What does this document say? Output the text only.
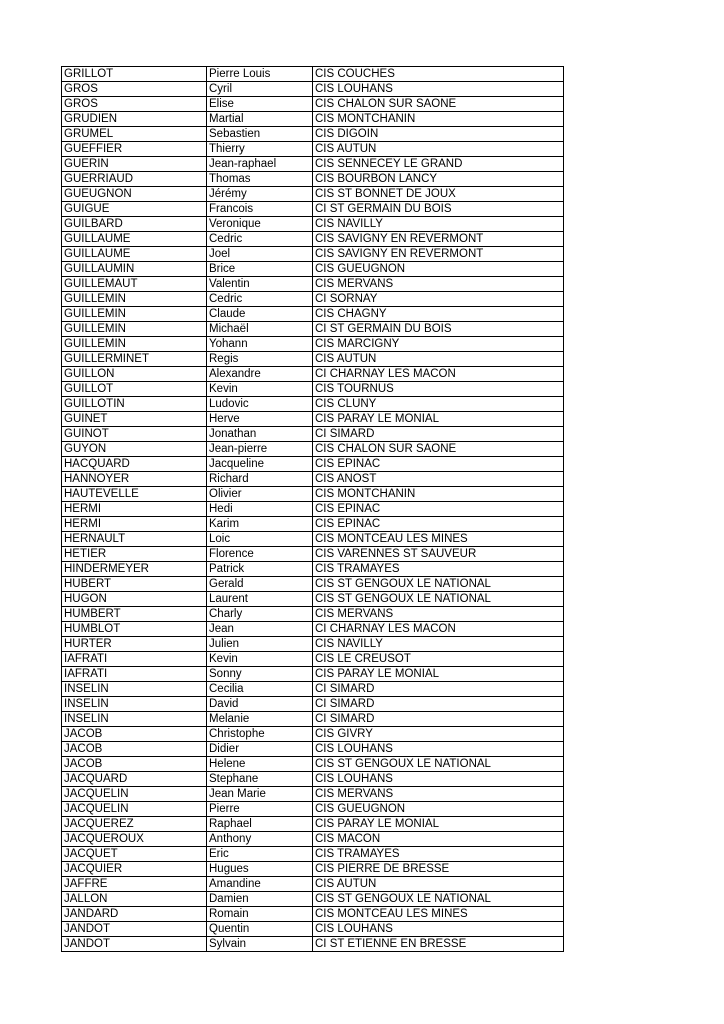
GRILLOT	Pierre Louis	CIS COUCHES
GROS	Cyril	CIS LOUHANS
GROS	Elise	CIS CHALON SUR SAONE
GRUDIEN	Martial	CIS MONTCHANIN
GRUMEL	Sebastien	CIS DIGOIN
GUEFFIER	Thierry	CIS AUTUN
GUERIN	Jean-raphael	CIS SENNECEY LE GRAND
GUERRIAUD	Thomas	CIS BOURBON LANCY
GUEUGNON	Jérémy	CIS ST BONNET DE JOUX
GUIGUE	Francois	CI ST GERMAIN DU BOIS
GUILBARD	Veronique	CIS NAVILLY
GUILLAUME	Cedric	CIS SAVIGNY EN REVERMONT
GUILLAUME	Joel	CIS SAVIGNY EN REVERMONT
GUILLAUMIN	Brice	CIS GUEUGNON
GUILLEMAUT	Valentin	CIS MERVANS
GUILLEMIN	Cedric	CI SORNAY
GUILLEMIN	Claude	CIS CHAGNY
GUILLEMIN	Michaël	CI ST GERMAIN DU BOIS
GUILLEMIN	Yohann	CIS MARCIGNY
GUILLERMINET	Regis	CIS AUTUN
GUILLON	Alexandre	CI CHARNAY LES MACON
GUILLOT	Kevin	CIS TOURNUS
GUILLOTIN	Ludovic	CIS CLUNY
GUINET	Herve	CIS PARAY LE MONIAL
GUINOT	Jonathan	CI SIMARD
GUYON	Jean-pierre	CIS CHALON SUR SAONE
HACQUARD	Jacqueline	CIS EPINAC
HANNOYER	Richard	CIS ANOST
HAUTEVELLE	Olivier	CIS MONTCHANIN
HERMI	Hedi	CIS EPINAC
HERMI	Karim	CIS EPINAC
HERNAULT	Loic	CIS MONTCEAU LES MINES
HETIER	Florence	CIS VARENNES ST SAUVEUR
HINDERMEYER	Patrick	CIS TRAMAYES
HUBERT	Gerald	CIS ST GENGOUX LE NATIONAL
HUGON	Laurent	CIS ST GENGOUX LE NATIONAL
HUMBERT	Charly	CIS MERVANS
HUMBLOT	Jean	CI CHARNAY LES MACON
HURTER	Julien	CIS NAVILLY
IAFRATI	Kevin	CIS LE CREUSOT
IAFRATI	Sonny	CIS PARAY LE MONIAL
INSELIN	Cecilia	CI SIMARD
INSELIN	David	CI SIMARD
INSELIN	Melanie	CI SIMARD
JACOB	Christophe	CIS GIVRY
JACOB	Didier	CIS LOUHANS
JACOB	Helene	CIS ST GENGOUX LE NATIONAL
JACQUARD	Stephane	CIS LOUHANS
JACQUELIN	Jean Marie	CIS MERVANS
JACQUELIN	Pierre	CIS GUEUGNON
JACQUEREZ	Raphael	CIS PARAY LE MONIAL
JACQUEROUX	Anthony	CIS MACON
JACQUET	Eric	CIS TRAMAYES
JACQUIER	Hugues	CIS PIERRE DE BRESSE
JAFFRE	Amandine	CIS AUTUN
JALLON	Damien	CIS ST GENGOUX LE NATIONAL
JANDARD	Romain	CIS MONTCEAU LES MINES
JANDOT	Quentin	CIS LOUHANS
JANDOT	Sylvain	CI ST ETIENNE EN BRESSE
